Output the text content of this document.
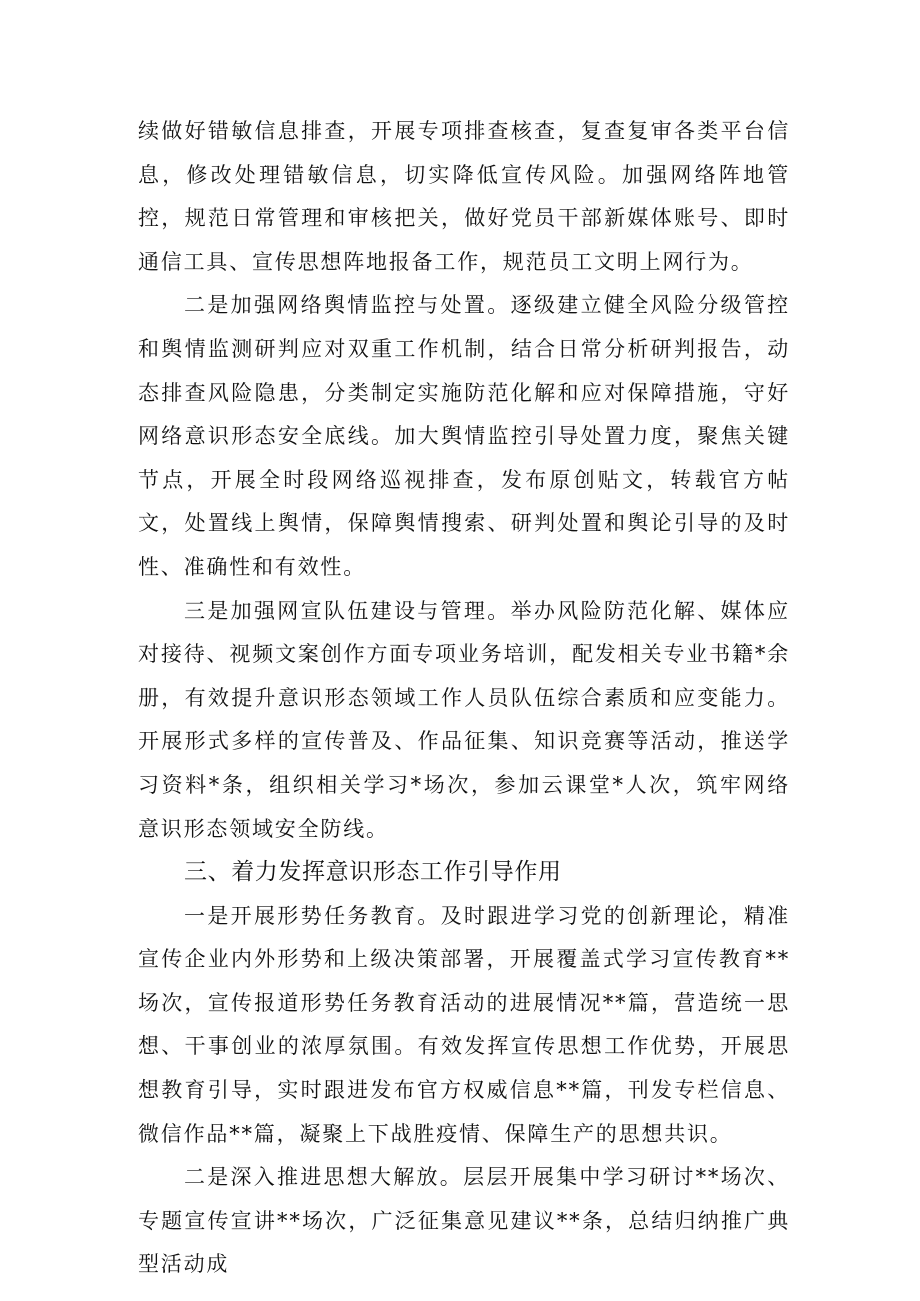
续做好错敏信息排查，开展专项排查核查，复查复审各类平台信息，修改处理错敏信息，切实降低宣传风险。加强网络阵地管控，规范日常管理和审核把关，做好党员干部新媒体账号、即时通信工具、宣传思想阵地报备工作，规范员工文明上网行为。

二是加强网络舆情监控与处置。逐级建立健全风险分级管控和舆情监测研判应对双重工作机制，结合日常分析研判报告，动态排查风险隐患，分类制定实施防范化解和应对保障措施，守好网络意识形态安全底线。加大舆情监控引导处置力度，聚焦关键节点，开展全时段网络巡视排查，发布原创贴文，转载官方帖文，处置线上舆情，保障舆情搜索、研判处置和舆论引导的及时性、准确性和有效性。

三是加强网宣队伍建设与管理。举办风险防范化解、媒体应对接待、视频文案创作方面专项业务培训，配发相关专业书籍*余册，有效提升意识形态领域工作人员队伍综合素质和应变能力。开展形式多样的宣传普及、作品征集、知识竞赛等活动，推送学习资料*条，组织相关学习*场次，参加云课堂*人次，筑牢网络意识形态领域安全防线。

三、着力发挥意识形态工作引导作用

一是开展形势任务教育。及时跟进学习党的创新理论，精准宣传企业内外形势和上级决策部署，开展覆盖式学习宣传教育**场次，宣传报道形势任务教育活动的进展情况**篇，营造统一思想、干事创业的浓厚氛围。有效发挥宣传思想工作优势，开展思想教育引导，实时跟进发布官方权威信息**篇，刊发专栏信息、微信作品**篇，凝聚上下战胜疫情、保障生产的思想共识。

二是深入推进思想大解放。层层开展集中学习研讨**场次、专题宣传宣讲**场次，广泛征集意见建议**条，总结归纳推广典型活动成
